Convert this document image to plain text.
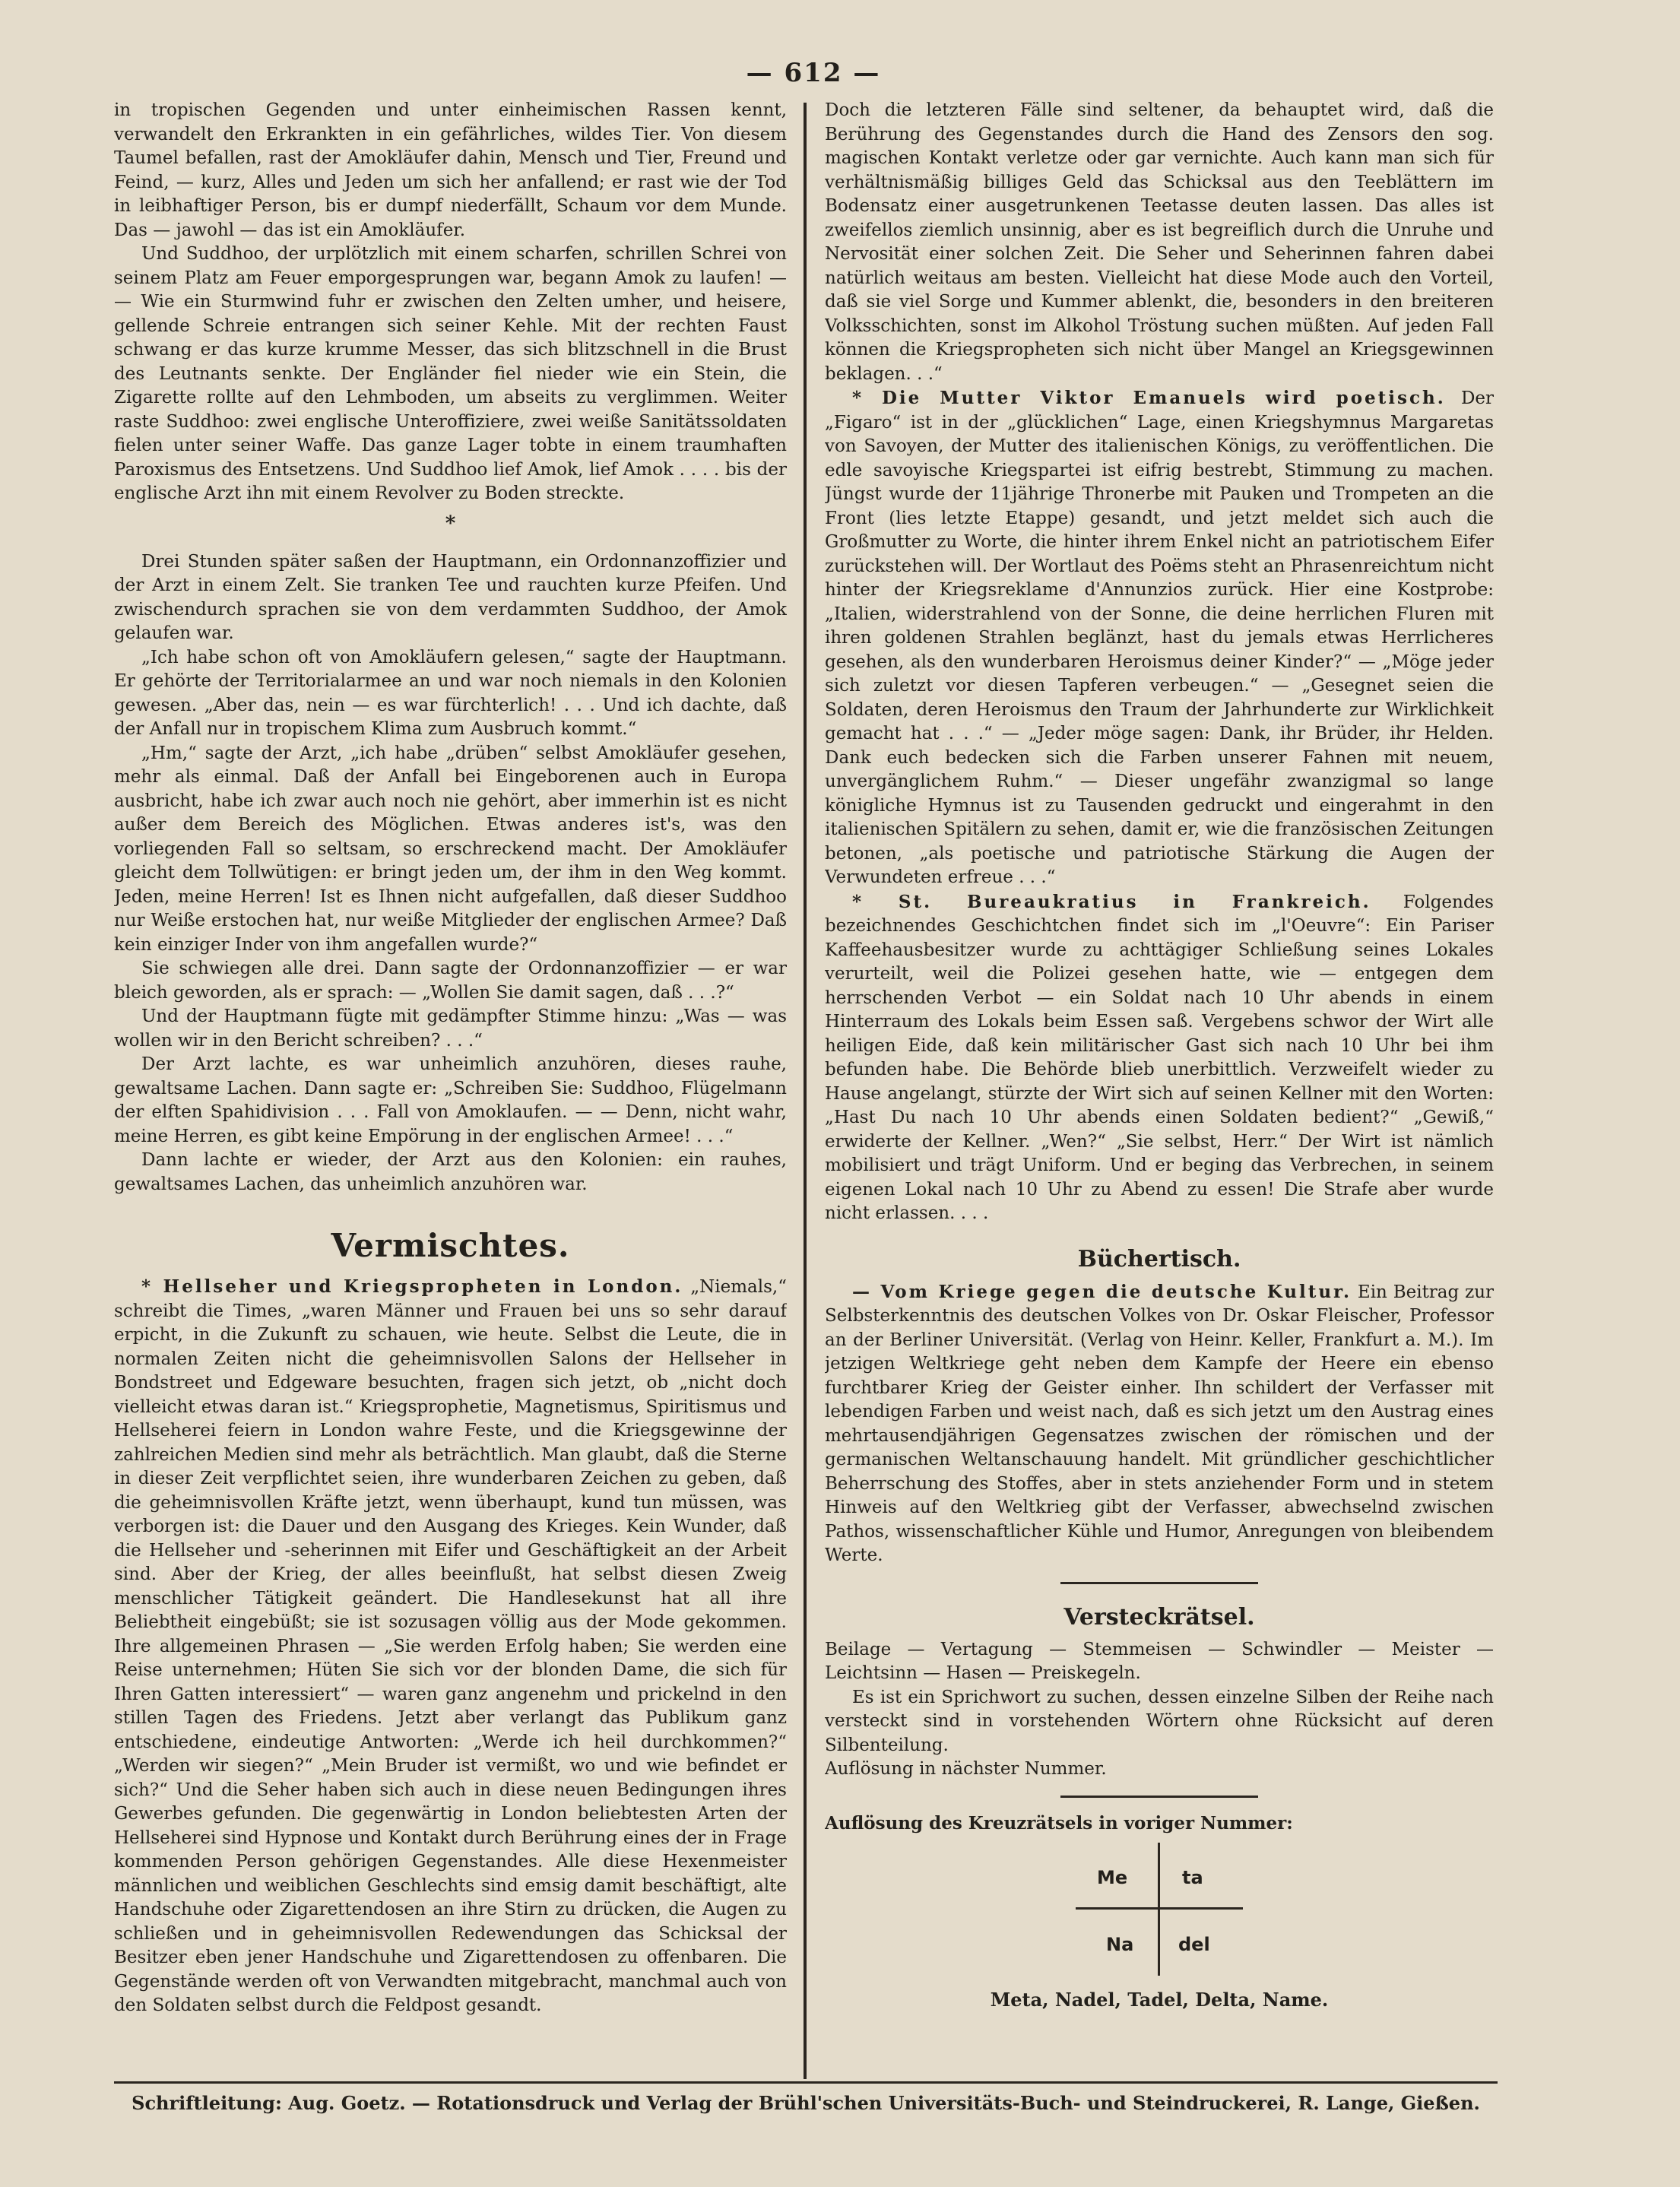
— 612 —

in tropischen Gegenden und unter einheimischen Rassen kennt, verwandelt den Erkrankten in ein gefährliches, wildes Tier. Von diesem Taumel befallen, rast der Amokläufer dahin, Mensch und Tier, Freund und Feind, — kurz, Alles und Jeden um sich her anfallend; er rast wie der Tod in leibhaftiger Person, bis er dumpf niederfällt, Schaum vor dem Munde. Das — jawohl — das ist ein Amokläufer.

Und Suddhoo, der urplötzlich mit einem scharfen, schrillen Schrei von seinem Platz am Feuer emporgesprungen war, begann Amok zu laufen! — — Wie ein Sturmwind fuhr er zwischen den Zelten umher, und heisere, gellende Schreie entrangen sich seiner Kehle. Mit der rechten Faust schwang er das kurze krumme Messer, das sich blitzschnell in die Brust des Leutnants senkte. Der Engländer fiel nieder wie ein Stein, die Zigarette rollte auf den Lehmboden, um abseits zu verglimmen. Weiter raste Suddhoo: zwei englische Unteroffiziere, zwei weiße Sanitätssoldaten fielen unter seiner Waffe. Das ganze Lager tobte in einem traumhaften Paroxismus des Entsetzens. Und Suddhoo lief Amok, lief Amok . . . . bis der englische Arzt ihn mit einem Revolver zu Boden streckte.

*

Drei Stunden später saßen der Hauptmann, ein Ordonnanzoffizier und der Arzt in einem Zelt. Sie tranken Tee und rauchten kurze Pfeifen. Und zwischendurch sprachen sie von dem verdammten Suddhoo, der Amok gelaufen war.

„Ich habe schon oft von Amokläufern gelesen,“ sagte der Hauptmann. Er gehörte der Territorialarmee an und war noch niemals in den Kolonien gewesen. „Aber das, nein — es war fürchterlich! . . . Und ich dachte, daß der Anfall nur in tropischem Klima zum Ausbruch kommt.“

„Hm,“ sagte der Arzt, „ich habe „drüben“ selbst Amokläufer gesehen, mehr als einmal. Daß der Anfall bei Eingeborenen auch in Europa ausbricht, habe ich zwar auch noch nie gehört, aber immerhin ist es nicht außer dem Bereich des Möglichen. Etwas anderes ist's, was den vorliegenden Fall so seltsam, so erschreckend macht. Der Amokläufer gleicht dem Tollwütigen: er bringt jeden um, der ihm in den Weg kommt. Jeden, meine Herren! Ist es Ihnen nicht aufgefallen, daß dieser Suddhoo nur Weiße erstochen hat, nur weiße Mitglieder der englischen Armee? Daß kein einziger Inder von ihm angefallen wurde?“

Sie schwiegen alle drei. Dann sagte der Ordonnanzoffizier — er war bleich geworden, als er sprach: — „Wollen Sie damit sagen, daß . . .?“

Und der Hauptmann fügte mit gedämpfter Stimme hinzu: „Was — was wollen wir in den Bericht schreiben? . . .“

Der Arzt lachte, es war unheimlich anzuhören, dieses rauhe, gewaltsame Lachen. Dann sagte er: „Schreiben Sie: Suddhoo, Flügelmann der elften Spahidivision . . . Fall von Amoklaufen. — — Denn, nicht wahr, meine Herren, es gibt keine Empörung in der englischen Armee! . . .“

Dann lachte er wieder, der Arzt aus den Kolonien: ein rauhes, gewaltsames Lachen, das unheimlich anzuhören war.

Vermischtes.

* Hellseher und Kriegspropheten in London. „Niemals,“ schreibt die Times, „waren Männer und Frauen bei uns so sehr darauf erpicht, in die Zukunft zu schauen, wie heute. Selbst die Leute, die in normalen Zeiten nicht die geheimnisvollen Salons der Hellseher in Bondstreet und Edgeware besuchten, fragen sich jetzt, ob „nicht doch vielleicht etwas daran ist.“ Kriegsprophetie, Magnetismus, Spiritismus und Hellseherei feiern in London wahre Feste, und die Kriegsgewinne der zahlreichen Medien sind mehr als beträchtlich. Man glaubt, daß die Sterne in dieser Zeit verpflichtet seien, ihre wunderbaren Zeichen zu geben, daß die geheimnisvollen Kräfte jetzt, wenn überhaupt, kund tun müssen, was verborgen ist: die Dauer und den Ausgang des Krieges. Kein Wunder, daß die Hellseher und -seherinnen mit Eifer und Geschäftigkeit an der Arbeit sind. Aber der Krieg, der alles beeinflußt, hat selbst diesen Zweig menschlicher Tätigkeit geändert. Die Handlesekunst hat all ihre Beliebtheit eingebüßt; sie ist sozusagen völlig aus der Mode gekommen. Ihre allgemeinen Phrasen — „Sie werden Erfolg haben; Sie werden eine Reise unternehmen; Hüten Sie sich vor der blonden Dame, die sich für Ihren Gatten interessiert“ — waren ganz angenehm und prickelnd in den stillen Tagen des Friedens. Jetzt aber verlangt das Publikum ganz entschiedene, eindeutige Antworten: „Werde ich heil durchkommen?“ „Werden wir siegen?“ „Mein Bruder ist vermißt, wo und wie befindet er sich?“ Und die Seher haben sich auch in diese neuen Bedingungen ihres Gewerbes gefunden. Die gegenwärtig in London beliebtesten Arten der Hellseherei sind Hypnose und Kontakt durch Berührung eines der in Frage kommenden Person gehörigen Gegenstandes. Alle diese Hexenmeister männlichen und weiblichen Geschlechts sind emsig damit beschäftigt, alte Handschuhe oder Zigarettendosen an ihre Stirn zu drücken, die Augen zu schließen und in geheimnisvollen Redewendungen das Schicksal der Besitzer eben jener Handschuhe und Zigarettendosen zu offenbaren. Die Gegenstände werden oft von Verwandten mitgebracht, manchmal auch von den Soldaten selbst durch die Feldpost gesandt.

Doch die letzteren Fälle sind seltener, da behauptet wird, daß die Berührung des Gegenstandes durch die Hand des Zensors den sog. magischen Kontakt verletze oder gar vernichte. Auch kann man sich für verhältnismäßig billiges Geld das Schicksal aus den Teeblättern im Bodensatz einer ausgetrunkenen Teetasse deuten lassen. Das alles ist zweifellos ziemlich unsinnig, aber es ist begreiflich durch die Unruhe und Nervosität einer solchen Zeit. Die Seher und Seherinnen fahren dabei natürlich weitaus am besten. Vielleicht hat diese Mode auch den Vorteil, daß sie viel Sorge und Kummer ablenkt, die, besonders in den breiteren Volksschichten, sonst im Alkohol Tröstung suchen müßten. Auf jeden Fall können die Kriegspropheten sich nicht über Mangel an Kriegsgewinnen beklagen. . .“

* Die Mutter Viktor Emanuels wird poetisch. Der „Figaro“ ist in der „glücklichen“ Lage, einen Kriegshymnus Margaretas von Savoyen, der Mutter des italienischen Königs, zu veröffentlichen. Die edle savoyische Kriegspartei ist eifrig bestrebt, Stimmung zu machen. Jüngst wurde der 11jährige Thronerbe mit Pauken und Trompeten an die Front (lies letzte Etappe) gesandt, und jetzt meldet sich auch die Großmutter zu Worte, die hinter ihrem Enkel nicht an patriotischem Eifer zurückstehen will. Der Wortlaut des Poëms steht an Phrasenreichtum nicht hinter der Kriegsreklame d'Annunzios zurück. Hier eine Kostprobe: „Italien, widerstrahlend von der Sonne, die deine herrlichen Fluren mit ihren goldenen Strahlen beglänzt, hast du jemals etwas Herrlicheres gesehen, als den wunderbaren Heroismus deiner Kinder?“ — „Möge jeder sich zuletzt vor diesen Tapferen verbeugen.“ — „Gesegnet seien die Soldaten, deren Heroismus den Traum der Jahrhunderte zur Wirklichkeit gemacht hat . . .“ — „Jeder möge sagen: Dank, ihr Brüder, ihr Helden. Dank euch bedecken sich die Farben unserer Fahnen mit neuem, unvergänglichem Ruhm.“ — Dieser ungefähr zwanzigmal so lange königliche Hymnus ist zu Tausenden gedruckt und eingerahmt in den italienischen Spitälern zu sehen, damit er, wie die französischen Zeitungen betonen, „als poetische und patriotische Stärkung die Augen der Verwundeten erfreue . . .“

* St. Bureaukratius in Frankreich. Folgendes bezeichnendes Geschichtchen findet sich im „l'Oeuvre“: Ein Pariser Kaffeehausbesitzer wurde zu achttägiger Schließung seines Lokales verurteilt, weil die Polizei gesehen hatte, wie — entgegen dem herrschenden Verbot — ein Soldat nach 10 Uhr abends in einem Hinterraum des Lokals beim Essen saß. Vergebens schwor der Wirt alle heiligen Eide, daß kein militärischer Gast sich nach 10 Uhr bei ihm befunden habe. Die Behörde blieb unerbittlich. Verzweifelt wieder zu Hause angelangt, stürzte der Wirt sich auf seinen Kellner mit den Worten: „Hast Du nach 10 Uhr abends einen Soldaten bedient?“ „Gewiß,“ erwiderte der Kellner. „Wen?“ „Sie selbst, Herr.“ Der Wirt ist nämlich mobilisiert und trägt Uniform. Und er beging das Verbrechen, in seinem eigenen Lokal nach 10 Uhr zu Abend zu essen! Die Strafe aber wurde nicht erlassen. . . .

Büchertisch.

— Vom Kriege gegen die deutsche Kultur. Ein Beitrag zur Selbsterkenntnis des deutschen Volkes von Dr. Oskar Fleischer, Professor an der Berliner Universität. (Verlag von Heinr. Keller, Frankfurt a. M.). Im jetzigen Weltkriege geht neben dem Kampfe der Heere ein ebenso furchtbarer Krieg der Geister einher. Ihn schildert der Verfasser mit lebendigen Farben und weist nach, daß es sich jetzt um den Austrag eines mehrtausendjährigen Gegensatzes zwischen der römischen und der germanischen Weltanschauung handelt. Mit gründlicher geschichtlicher Beherrschung des Stoffes, aber in stets anziehender Form und in stetem Hinweis auf den Weltkrieg gibt der Verfasser, abwechselnd zwischen Pathos, wissenschaftlicher Kühle und Humor, Anregungen von bleibendem Werte.

Versteckrätsel.

Beilage — Vertagung — Stemmeisen — Schwindler — Meister — Leichtsinn — Hasen — Preiskegeln.

Es ist ein Sprichwort zu suchen, dessen einzelne Silben der Reihe nach versteckt sind in vorstehenden Wörtern ohne Rücksicht auf deren Silbenteilung.

Auflösung in nächster Nummer.

Auflösung des Kreuzrätsels in voriger Nummer:

Me	ta
Na del
Meta, Nadel, Tadel, Delta, Name.
Schriftleitung: Aug. Goetz. — Rotationsdruck und Verlag der Brühl'schen Universitäts-Buch- und Steindruckerei, R. Lange, Gießen.
